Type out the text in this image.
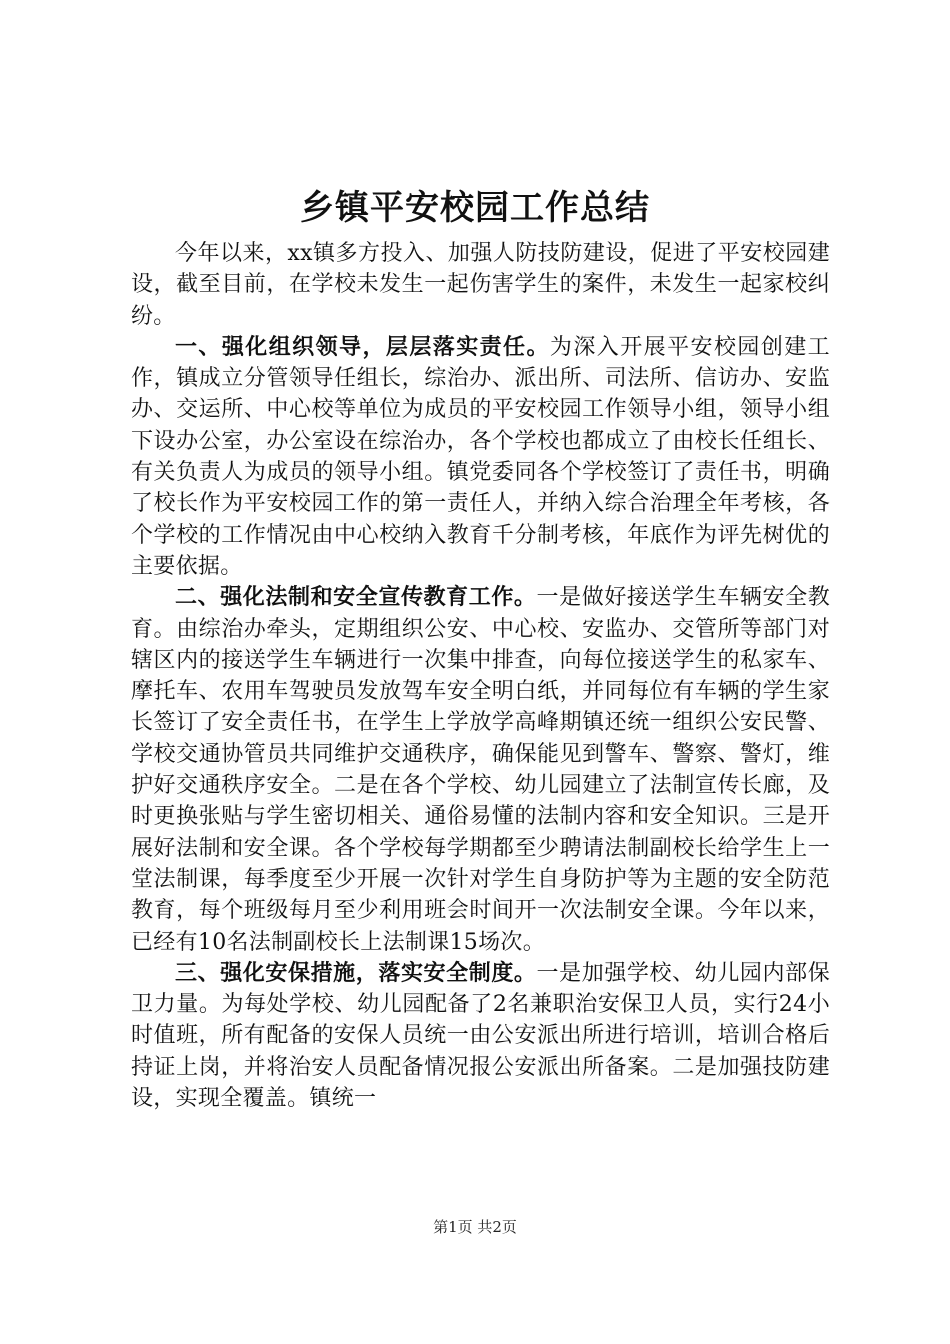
乡镇平安校园工作总结

今年以来，xx镇多方投入、加强人防技防建设，促进了平安校园建设，截至目前，在学校未发生一起伤害学生的案件，未发生一起家校纠纷。

一、强化组织领导，层层落实责任。为深入开展平安校园创建工作，镇成立分管领导任组长，综治办、派出所、司法所、信访办、安监办、交运所、中心校等单位为成员的平安校园工作领导小组，领导小组下设办公室，办公室设在综治办，各个学校也都成立了由校长任组长、有关负责人为成员的领导小组。镇党委同各个学校签订了责任书，明确了校长作为平安校园工作的第一责任人，并纳入综合治理全年考核，各个学校的工作情况由中心校纳入教育千分制考核，年底作为评先树优的主要依据。

二、强化法制和安全宣传教育工作。一是做好接送学生车辆安全教育。由综治办牵头，定期组织公安、中心校、安监办、交管所等部门对辖区内的接送学生车辆进行一次集中排查，向每位接送学生的私家车、摩托车、农用车驾驶员发放驾车安全明白纸，并同每位有车辆的学生家长签订了安全责任书，在学生上学放学高峰期镇还统一组织公安民警、学校交通协管员共同维护交通秩序，确保能见到警车、警察、警灯，维护好交通秩序安全。二是在各个学校、幼儿园建立了法制宣传长廊，及时更换张贴与学生密切相关、通俗易懂的法制内容和安全知识。三是开展好法制和安全课。各个学校每学期都至少聘请法制副校长给学生上一堂法制课，每季度至少开展一次针对学生自身防护等为主题的安全防范教育，每个班级每月至少利用班会时间开一次法制安全课。今年以来，已经有10名法制副校长上法制课15场次。

三、强化安保措施，落实安全制度。一是加强学校、幼儿园内部保卫力量。为每处学校、幼儿园配备了2名兼职治安保卫人员，实行24小时值班，所有配备的安保人员统一由公安派出所进行培训，培训合格后持证上岗，并将治安人员配备情况报公安派出所备案。二是加强技防建设，实现全覆盖。镇统一

第1页 共2页
